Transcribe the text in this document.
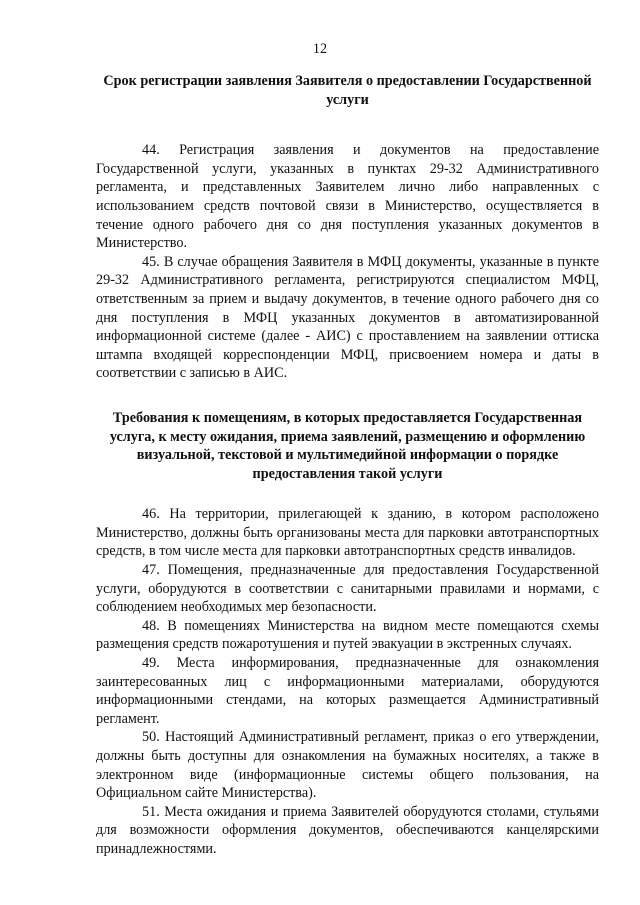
12

Срок регистрации заявления Заявителя о предоставлении Государственной услуги

44. Регистрация заявления и документов на предоставление Государственной услуги, указанных в пунктах 29-32 Административного регламента, и представленных Заявителем лично либо направленных с использованием средств почтовой связи в Министерство, осуществляется в течение одного рабочего дня со дня поступления указанных документов в Министерство.

45. В случае обращения Заявителя в МФЦ документы, указанные в пункте 29-32 Административного регламента, регистрируются специалистом МФЦ, ответственным за прием и выдачу документов, в течение одного рабочего дня со дня поступления в МФЦ указанных документов в автоматизированной информационной системе (далее - АИС) с проставлением на заявлении оттиска штампа входящей корреспонденции МФЦ, присвоением номера и даты в соответствии с записью в АИС.

Требования к помещениям, в которых предоставляется Государственная услуга, к месту ожидания, приема заявлений, размещению и оформлению визуальной, текстовой и мультимедийной информации о порядке предоставления такой услуги

46. На территории, прилегающей к зданию, в котором расположено Министерство, должны быть организованы места для парковки автотранспортных средств, в том числе места для парковки автотранспортных средств инвалидов.

47. Помещения, предназначенные для предоставления Государственной услуги, оборудуются в соответствии с санитарными правилами и нормами, с соблюдением необходимых мер безопасности.

48. В помещениях Министерства на видном месте помещаются схемы размещения средств пожаротушения и путей эвакуации в экстренных случаях.

49. Места информирования, предназначенные для ознакомления заинтересованных лиц с информационными материалами, оборудуются информационными стендами, на которых размещается Административный регламент.

50. Настоящий Административный регламент, приказ о его утверждении, должны быть доступны для ознакомления на бумажных носителях, а также в электронном виде (информационные системы общего пользования, на Официальном сайте Министерства).

51. Места ожидания и приема Заявителей оборудуются столами, стульями для возможности оформления документов, обеспечиваются канцелярскими принадлежностями.
